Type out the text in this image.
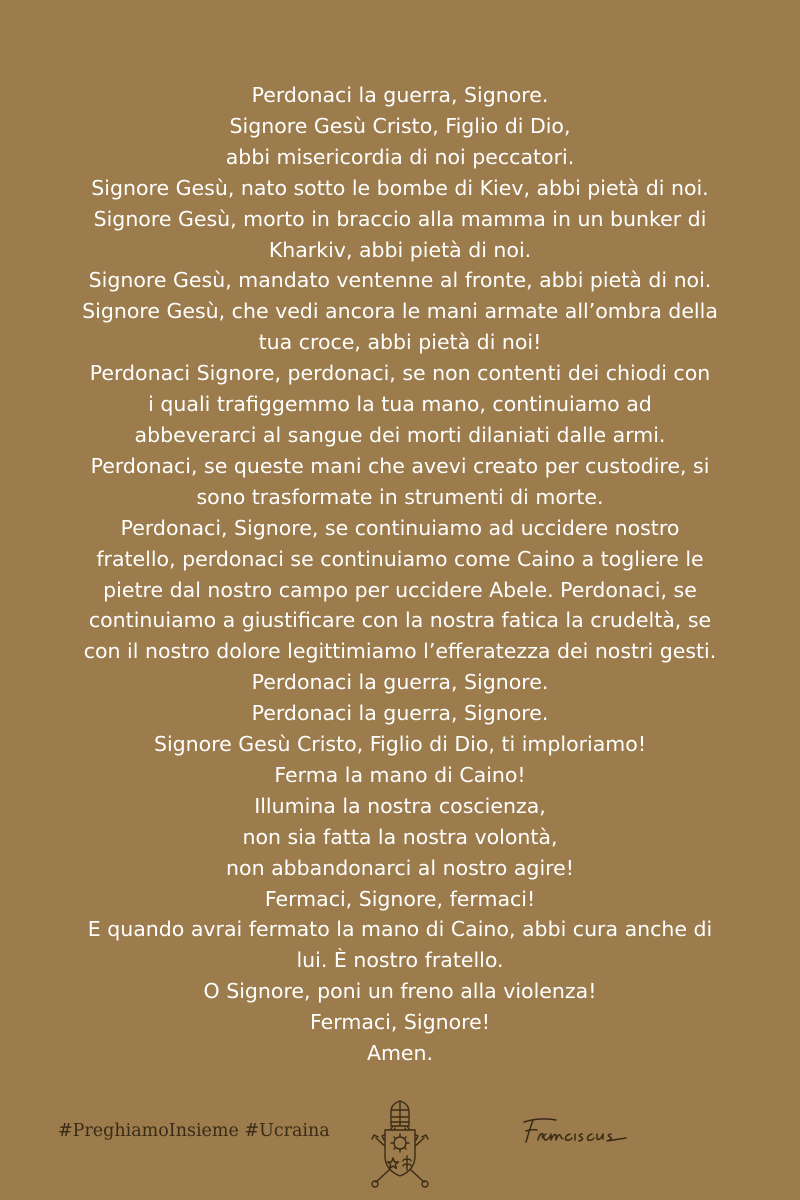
Perdonaci la guerra, Signore.
Signore Gesù Cristo, Figlio di Dio,
abbi misericordia di noi peccatori.
Signore Gesù, nato sotto le bombe di Kiev, abbi pietà di noi.
Signore Gesù, morto in braccio alla mamma in un bunker di
Kharkiv, abbi pietà di noi.
Signore Gesù, mandato ventenne al fronte, abbi pietà di noi.
Signore Gesù, che vedi ancora le mani armate all’ombra della
tua croce, abbi pietà di noi!
Perdonaci Signore, perdonaci, se non contenti dei chiodi con
i quali trafiggemmo la tua mano, continuiamo ad
abbeverarci al sangue dei morti dilaniati dalle armi.
Perdonaci, se queste mani che avevi creato per custodire, si
sono trasformate in strumenti di morte.
Perdonaci, Signore, se continuiamo ad uccidere nostro
fratello, perdonaci se continuiamo come Caino a togliere le
pietre dal nostro campo per uccidere Abele. Perdonaci, se
continuiamo a giustificare con la nostra fatica la crudeltà, se
con il nostro dolore legittimiamo l’efferatezza dei nostri gesti.
Perdonaci la guerra, Signore.
Perdonaci la guerra, Signore.
Signore Gesù Cristo, Figlio di Dio, ti imploriamo!
Ferma la mano di Caino!
Illumina la nostra coscienza,
non sia fatta la nostra volontà,
non abbandonarci al nostro agire!
Fermaci, Signore, fermaci!
E quando avrai fermato la mano di Caino, abbi cura anche di
lui. È nostro fratello.
O Signore, poni un freno alla violenza!
Fermaci, Signore!
Amen.
#PreghiamoInsieme #Ucraina
